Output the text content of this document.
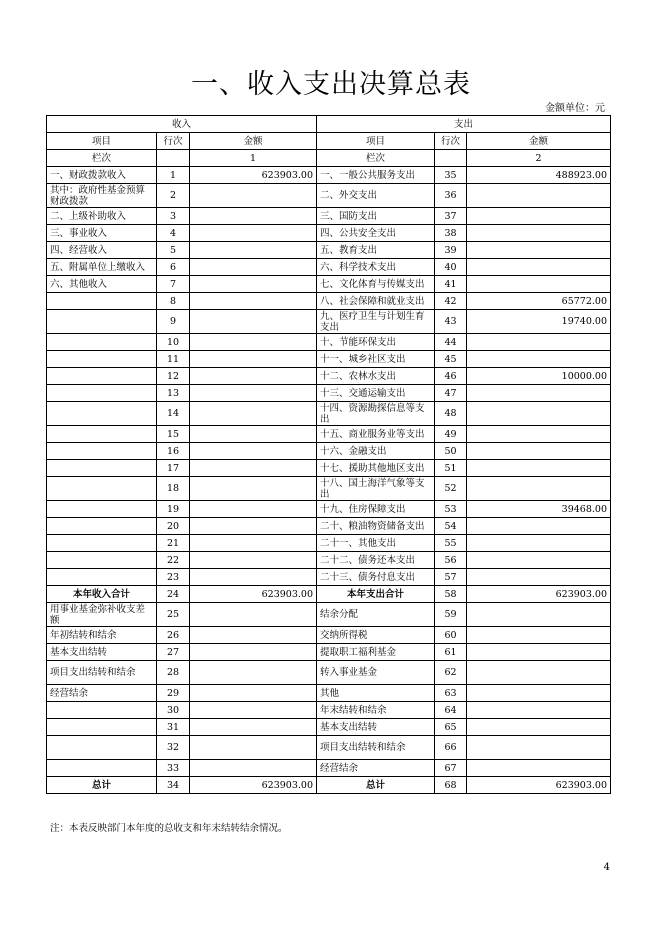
一、收入支出决算总表
金额单位：元
收入			支出		
项目	行次	金额	项目	行次	金额
栏次		1	栏次		2
一、财政拨款收入	1	623903.00	一、一般公共服务支出	35	488923.00
其中：政府性基金预算财政拨款	2		二、外交支出	36	
二、上级补助收入	3		三、国防支出	37	
三、事业收入	4		四、公共安全支出	38	
四、经营收入	5		五、教育支出	39	
五、附属单位上缴收入	6		六、科学技术支出	40	
六、其他收入	7		七、文化体育与传媒支出	41	
	8		八、社会保障和就业支出	42	65772.00
	9		九、医疗卫生与计划生育支出	43	19740.00
	10		十、节能环保支出	44	
	11		十一、城乡社区支出	45	
	12		十二、农林水支出	46	10000.00
	13		十三、交通运输支出	47	
	14		十四、资源勘探信息等支出	48	
	15		十五、商业服务业等支出	49	
	16		十六、金融支出	50	
	17		十七、援助其他地区支出	51	
	18		十八、国土海洋气象等支出	52	
	19		十九、住房保障支出	53	39468.00
	20		二十、粮油物资储备支出	54	
	21		二十一、其他支出	55	
	22		二十二、债务还本支出	56	
	23		二十三、债务付息支出	57	
本年收入合计	24	623903.00	本年支出合计	58	623903.00
用事业基金弥补收支差额	25		结余分配	59	
年初结转和结余	26		交纳所得税	60	
基本支出结转	27		提取职工福利基金	61	
项目支出结转和结余	28		转入事业基金	62	
经营结余	29		其他	63	
	30		年末结转和结余	64	
	31		基本支出结转	65	
	32		项目支出结转和结余	66	
	33		经营结余	67	
总计	34	623903.00	总计	68	623903.00
注：本表反映部门本年度的总收支和年末结转结余情况。
4
